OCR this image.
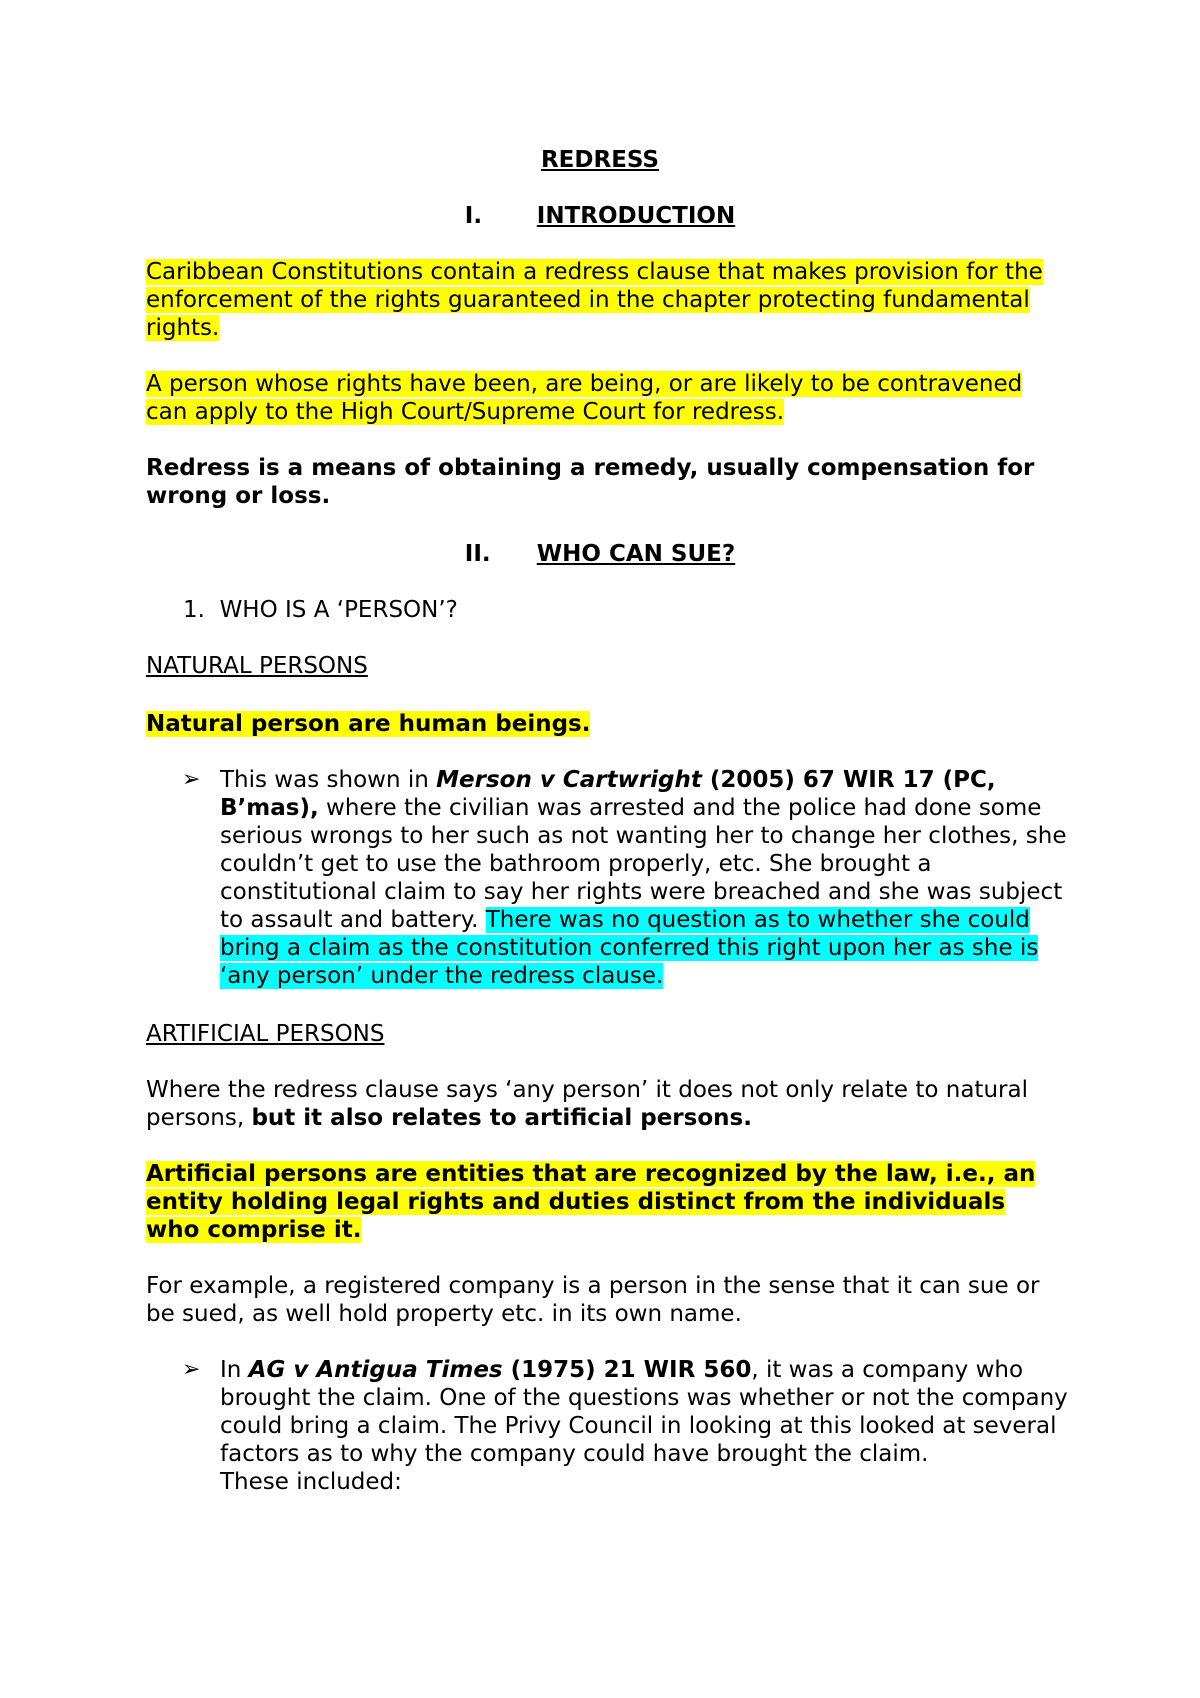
REDRESS
I. INTRODUCTION
Caribbean Constitutions contain a redress clause that makes provision for the enforcement of the rights guaranteed in the chapter protecting fundamental rights.
A person whose rights have been, are being, or are likely to be contravened can apply to the High Court/Supreme Court for redress.
Redress is a means of obtaining a remedy, usually compensation for wrong or loss.
II. WHO CAN SUE?
1.  WHO IS A ‘PERSON’?
NATURAL PERSONS
Natural person are human beings.
➢ This was shown in Merson v Cartwright (2005) 67 WIR 17 (PC, B’mas), where the civilian was arrested and the police had done some serious wrongs to her such as not wanting her to change her clothes, she couldn’t get to use the bathroom properly, etc. She brought a constitutional claim to say her rights were breached and she was subject to assault and battery. There was no question as to whether she could bring a claim as the constitution conferred this right upon her as she is ‘any person’ under the redress clause.
ARTIFICIAL PERSONS
Where the redress clause says ‘any person’ it does not only relate to natural persons, but it also relates to artificial persons.
Artificial persons are entities that are recognized by the law, i.e., an entity holding legal rights and duties distinct from the individuals who comprise it.
For example, a registered company is a person in the sense that it can sue or be sued, as well hold property etc. in its own name.
➢ In AG v Antigua Times (1975) 21 WIR 560, it was a company who brought the claim. One of the questions was whether or not the company could bring a claim. The Privy Council in looking at this looked at several factors as to why the company could have brought the claim.
These included:
